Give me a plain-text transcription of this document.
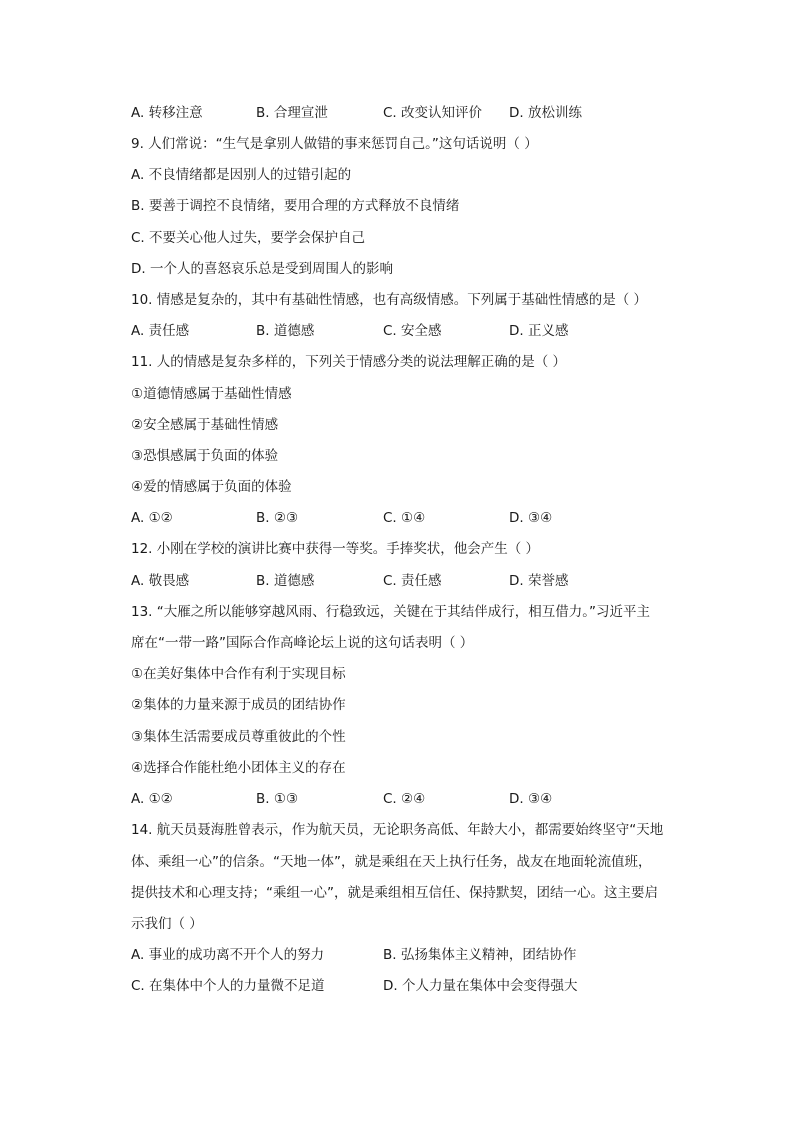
A. 转移注意	B. 合理宣泄	C. 改变认知评价 D. 放松训练
9. 人们常说：“生气是拿别人做错的事来惩罚自己。”这句话说明（ ）
A. 不良情绪都是因别人的过错引起的
B. 要善于调控不良情绪，要用合理的方式释放不良情绪
C. 不要关心他人过失，要学会保护自己
D. 一个人的喜怒哀乐总是受到周围人的影响
10. 情感是复杂的，其中有基础性情感，也有高级情感。下列属于基础性情感的是（ ）
A. 责任感	B. 道德感	C. 安全感	D. 正义感
11. 人的情感是复杂多样的，下列关于情感分类的说法理解正确的是（ ）
①道德情感属于基础性情感
②安全感属于基础性情感
③恐惧感属于负面的体验
④爱的情感属于负面的体验
A. ①②	B. ②③	C. ①④	D. ③④
12. 小刚在学校的演讲比赛中获得一等奖。手捧奖状，他会产生（ ）
A. 敬畏感	B. 道德感	C. 责任感	D. 荣誉感
13. “大雁之所以能够穿越风雨、行稳致远，关键在于其结伴成行，相互借力。”习近平主
席在“一带一路”国际合作高峰论坛上说的这句话表明（ ）
①在美好集体中合作有利于实现目标
②集体的力量来源于成员的团结协作
③集体生活需要成员尊重彼此的个性
④选择合作能杜绝小团体主义的存在
A. ①②	B. ①③	C. ②④	D. ③④
14. 航天员聂海胜曾表示，作为航天员，无论职务高低、年龄大小，都需要始终坚守“天地
体、乘组一心”的信条。“天地一体”，就是乘组在天上执行任务，战友在地面轮流值班，
提供技术和心理支持；“乘组一心”，就是乘组相互信任、保持默契，团结一心。这主要启
示我们（ ）
A. 事业的成功离不开个人的努力	B. 弘扬集体主义精神，团结协作
C. 在集体中个人的力量微不足道	D. 个人力量在集体中会变得强大
